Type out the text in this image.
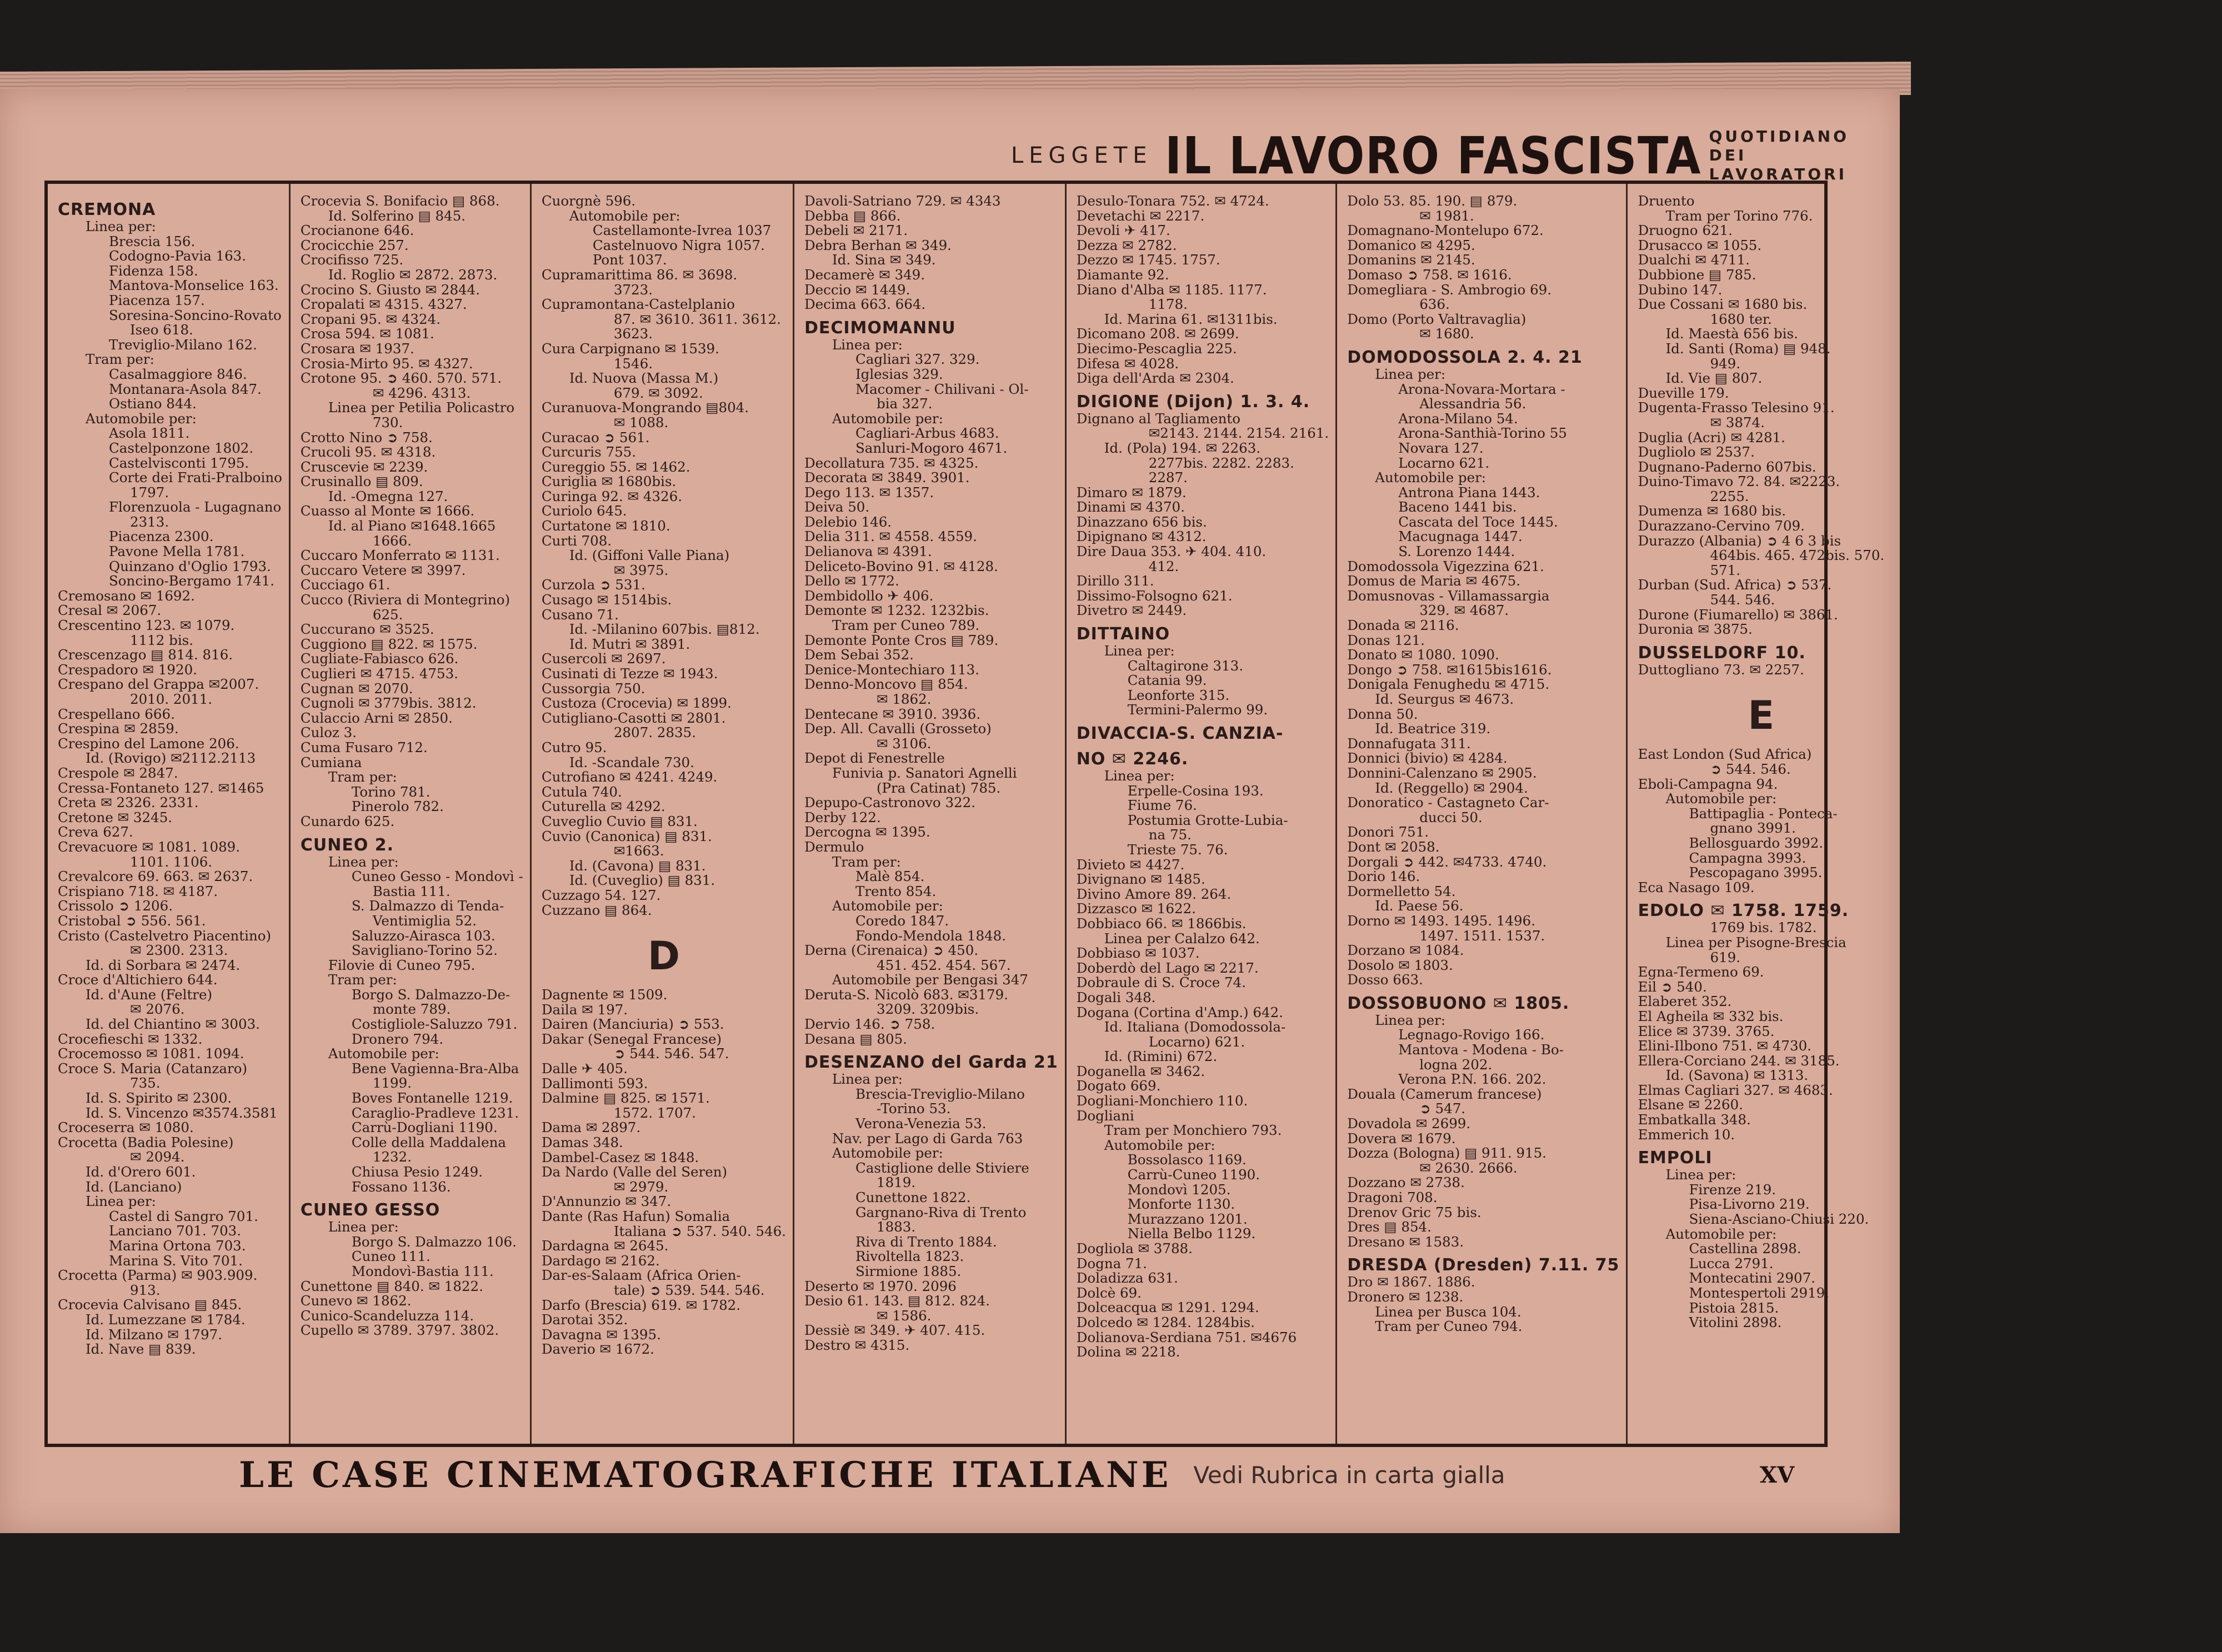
LEGGETE IL LAVORO FASCISTA QUOTIDIANO DEI
LAVORATORI
CREMONA
Linea per:
Brescia 156.
Codogno-Pavia 163.
Fidenza 158.
Mantova-Monselice 163.
Piacenza 157.
Soresina-Soncino-Rovato
Iseo 618.
Treviglio-Milano 162.
Tram per:
Casalmaggiore 846.
Montanara-Asola 847.
Ostiano 844.
Automobile per:
Asola 1811.
Castelponzone 1802.
Castelvisconti 1795.
Corte dei Frati-Pralboino
1797.
Florenzuola - Lugagnano
2313.
Piacenza 2300.
Pavone Mella 1781.
Quinzano d'Oglio 1793.
Soncino-Bergamo 1741.
Cremosano ✉ 1692.
Cresal ✉ 2067.
Crescentino 123. ✉ 1079.
1112 bis.
Crescenzago ▤ 814. 816.
Crespadoro ✉ 1920.
Crespano del Grappa ✉2007.
2010. 2011.
Crespellano 666.
Crespina ✉ 2859.
Crespino del Lamone 206.
Id. (Rovigo) ✉2112.2113
Crespole ✉ 2847.
Cressa-Fontaneto 127. ✉1465
Creta ✉ 2326. 2331.
Cretone ✉ 3245.
Creva 627.
Crevacuore ✉ 1081. 1089.
1101. 1106.
Crevalcore 69. 663. ✉ 2637.
Crispiano 718. ✉ 4187.
Crissolo ➲ 1206.
Cristobal ➲ 556. 561.
Cristo (Castelvetro Piacentino)
✉ 2300. 2313.
Id. di Sorbara ✉ 2474.
Croce d'Altichiero 644.
Id. d'Aune (Feltre)
✉ 2076.
Id. del Chiantino ✉ 3003.
Crocefieschi ✉ 1332.
Crocemosso ✉ 1081. 1094.
Croce S. Maria (Catanzaro)
735.
Id. S. Spirito ✉ 2300.
Id. S. Vincenzo ✉3574.3581
Croceserra ✉ 1080.
Crocetta (Badia Polesine)
✉ 2094.
Id. d'Orero 601.
Id. (Lanciano)
Linea per:
Castel di Sangro 701.
Lanciano 701. 703.
Marina Ortona 703.
Marina S. Vito 701.
Crocetta (Parma) ✉ 903.909.
913.
Crocevia Calvisano ▤ 845.
Id. Lumezzane ✉ 1784.
Id. Milzano ✉ 1797.
Id. Nave ▤ 839.
Crocevia S. Bonifacio ▤ 868.
Id. Solferino ▤ 845.
Crocianone 646.
Crocicchie 257.
Crocifisso 725.
Id. Roglio ✉ 2872. 2873.
Crocino S. Giusto ✉ 2844.
Cropalati ✉ 4315. 4327.
Cropani 95. ✉ 4324.
Crosa 594. ✉ 1081.
Crosara ✉ 1937.
Crosia-Mirto 95. ✉ 4327.
Crotone 95. ➲ 460. 570. 571.
✉ 4296. 4313.
Linea per Petilia Policastro
730.
Crotto Nino ➲ 758.
Crucoli 95. ✉ 4318.
Cruscevie ✉ 2239.
Crusinallo ▤ 809.
Id. -Omegna 127.
Cuasso al Monte ✉ 1666.
Id. al Piano ✉1648.1665
1666.
Cuccaro Monferrato ✉ 1131.
Cuccaro Vetere ✉ 3997.
Cucciago 61.
Cucco (Riviera di Montegrino)
625.
Cuccurano ✉ 3525.
Cuggiono ▤ 822. ✉ 1575.
Cugliate-Fabiasco 626.
Cuglieri ✉ 4715. 4753.
Cugnan ✉ 2070.
Cugnoli ✉ 3779bis. 3812.
Culaccio Arni ✉ 2850.
Culoz 3.
Cuma Fusaro 712.
Cumiana
Tram per:
Torino 781.
Pinerolo 782.
Cunardo 625.
CUNEO 2.
Linea per:
Cuneo Gesso - Mondovì -
Bastia 111.
S. Dalmazzo di Tenda-
Ventimiglia 52.
Saluzzo-Airasca 103.
Savigliano-Torino 52.
Filovie di Cuneo 795.
Tram per:
Borgo S. Dalmazzo-De-
monte 789.
Costigliole-Saluzzo 791.
Dronero 794.
Automobile per:
Bene Vagienna-Bra-Alba
1199.
Boves Fontanelle 1219.
Caraglio-Pradleve 1231.
Carrù-Dogliani 1190.
Colle della Maddalena
1232.
Chiusa Pesio 1249.
Fossano 1136.
CUNEO GESSO
Linea per:
Borgo S. Dalmazzo 106.
Cuneo 111.
Mondovì-Bastia 111.
Cunettone ▤ 840. ✉ 1822.
Cunevo ✉ 1862.
Cunico-Scandeluzza 114.
Cupello ✉ 3789. 3797. 3802.
Cuorgnè 596.
Automobile per:
Castellamonte-Ivrea 1037
Castelnuovo Nigra 1057.
Pont 1037.
Cupramarittima 86. ✉ 3698.
3723.
Cupramontana-Castelplanio
87. ✉ 3610. 3611. 3612.
3623.
Cura Carpignano ✉ 1539.
1546.
Id. Nuova (Massa M.)
679. ✉ 3092.
Curanuova-Mongrando ▤804.
✉ 1088.
Curacao ➲ 561.
Curcuris 755.
Cureggio 55. ✉ 1462.
Curiglia ✉ 1680bis.
Curinga 92. ✉ 4326.
Curiolo 645.
Curtatone ✉ 1810.
Curti 708.
Id. (Giffoni Valle Piana)
✉ 3975.
Curzola ➲ 531.
Cusago ✉ 1514bis.
Cusano 71.
Id. -Milanino 607bis. ▤812.
Id. Mutri ✉ 3891.
Cusercoli ✉ 2697.
Cusinati di Tezze ✉ 1943.
Cussorgia 750.
Custoza (Crocevia) ✉ 1899.
Cutigliano-Casotti ✉ 2801.
2807. 2835.
Cutro 95.
Id. -Scandale 730.
Cutrofiano ✉ 4241. 4249.
Cutula 740.
Cuturella ✉ 4292.
Cuveglio Cuvio ▤ 831.
Cuvio (Canonica) ▤ 831.
✉1663.
Id. (Cavona) ▤ 831.
Id. (Cuveglio) ▤ 831.
Cuzzago 54. 127.
Cuzzano ▤ 864.
D
Dagnente ✉ 1509.
Daila ✉ 197.
Dairen (Manciuria) ➲ 553.
Dakar (Senegal Francese)
➲ 544. 546. 547.
Dalle ✈ 405.
Dallimonti 593.
Dalmine ▤ 825. ✉ 1571.
1572. 1707.
Dama ✉ 2897.
Damas 348.
Dambel-Casez ✉ 1848.
Da Nardo (Valle del Seren)
✉ 2979.
D'Annunzio ✉ 347.
Dante (Ras Hafun) Somalia
Italiana ➲ 537. 540. 546.
Dardagna ✉ 2645.
Dardago ✉ 2162.
Dar-es-Salaam (Africa Orien-
tale) ➲ 539. 544. 546.
Darfo (Brescia) 619. ✉ 1782.
Darotai 352.
Davagna ✉ 1395.
Daverio ✉ 1672.
Davoli-Satriano 729. ✉ 4343
Debba ▤ 866.
Debeli ✉ 2171.
Debra Berhan ✉ 349.
Id. Sina ✉ 349.
Decamerè ✉ 349.
Deccio ✉ 1449.
Decima 663. 664.
DECIMOMANNU
Linea per:
Cagliari 327. 329.
Iglesias 329.
Macomer - Chilivani - Ol-
bia 327.
Automobile per:
Cagliari-Arbus 4683.
Sanluri-Mogoro 4671.
Decollatura 735. ✉ 4325.
Decorata ✉ 3849. 3901.
Dego 113. ✉ 1357.
Deiva 50.
Delebio 146.
Delia 311. ✉ 4558. 4559.
Delianova ✉ 4391.
Deliceto-Bovino 91. ✉ 4128.
Dello ✉ 1772.
Dembidollo ✈ 406.
Demonte ✉ 1232. 1232bis.
Tram per Cuneo 789.
Demonte Ponte Cros ▤ 789.
Dem Sebai 352.
Denice-Montechiaro 113.
Denno-Moncovo ▤ 854.
✉ 1862.
Dentecane ✉ 3910. 3936.
Dep. All. Cavalli (Grosseto)
✉ 3106.
Depot di Fenestrelle
Funivia p. Sanatori Agnelli
(Pra Catinat) 785.
Depupo-Castronovo 322.
Derby 122.
Dercogna ✉ 1395.
Dermulo
Tram per:
Malè 854.
Trento 854.
Automobile per:
Coredo 1847.
Fondo-Mendola 1848.
Derna (Cirenaica) ➲ 450.
451. 452. 454. 567.
Automobile per Bengasi 347
Deruta-S. Nicolò 683. ✉3179.
3209. 3209bis.
Dervio 146. ➲ 758.
Desana ▤ 805.
DESENZANO del Garda 21
Linea per:
Brescia-Treviglio-Milano
-Torino 53.
Verona-Venezia 53.
Nav. per Lago di Garda 763
Automobile per:
Castiglione delle Stiviere
1819.
Cunettone 1822.
Gargnano-Riva di Trento
1883.
Riva di Trento 1884.
Rivoltella 1823.
Sirmione 1885.
Deserto ✉ 1970. 2096
Desio 61. 143. ▤ 812. 824.
✉ 1586.
Dessiè ✉ 349. ✈ 407. 415.
Destro ✉ 4315.
Desulo-Tonara 752. ✉ 4724.
Devetachi ✉ 2217.
Devoli ✈ 417.
Dezza ✉ 2782.
Dezzo ✉ 1745. 1757.
Diamante 92.
Diano d'Alba ✉ 1185. 1177.
1178.
Id. Marina 61. ✉1311bis.
Dicomano 208. ✉ 2699.
Diecimo-Pescaglia 225.
Difesa ✉ 4028.
Diga dell'Arda ✉ 2304.
DIGIONE (Dijon) 1. 3. 4.
Dignano al Tagliamento
✉2143. 2144. 2154. 2161.
Id. (Pola) 194. ✉ 2263.
2277bis. 2282. 2283.
2287.
Dimaro ✉ 1879.
Dinami ✉ 4370.
Dinazzano 656 bis.
Dipignano ✉ 4312.
Dire Daua 353. ✈ 404. 410.
412.
Dirillo 311.
Dissimo-Folsogno 621.
Divetro ✉ 2449.
DITTAINO
Linea per:
Caltagirone 313.
Catania 99.
Leonforte 315.
Termini-Palermo 99.
DIVACCIA-S. CANZIA-
NO ✉ 2246.
Linea per:
Erpelle-Cosina 193.
Fiume 76.
Postumia Grotte-Lubia-
na 75.
Trieste 75. 76.
Divieto ✉ 4427.
Divignano ✉ 1485.
Divino Amore 89. 264.
Dizzasco ✉ 1622.
Dobbiaco 66. ✉ 1866bis.
Linea per Calalzo 642.
Dobbiaso ✉ 1037.
Doberdò del Lago ✉ 2217.
Dobraule di S. Croce 74.
Dogali 348.
Dogana (Cortina d'Amp.) 642.
Id. Italiana (Domodossola-
Locarno) 621.
Id. (Rimini) 672.
Doganella ✉ 3462.
Dogato 669.
Dogliani-Monchiero 110.
Dogliani
Tram per Monchiero 793.
Automobile per:
Bossolasco 1169.
Carrù-Cuneo 1190.
Mondovì 1205.
Monforte 1130.
Murazzano 1201.
Niella Belbo 1129.
Dogliola ✉ 3788.
Dogna 71.
Doladizza 631.
Dolcè 69.
Dolceacqua ✉ 1291. 1294.
Dolcedo ✉ 1284. 1284bis.
Dolianova-Serdiana 751. ✉4676
Dolina ✉ 2218.
Dolo 53. 85. 190. ▤ 879.
✉ 1981.
Domagnano-Montelupo 672.
Domanico ✉ 4295.
Domanins ✉ 2145.
Domaso ➲ 758. ✉ 1616.
Domegliara - S. Ambrogio 69.
636.
Domo (Porto Valtravaglia)
✉ 1680.
DOMODOSSOLA 2. 4. 21
Linea per:
Arona-Novara-Mortara -
Alessandria 56.
Arona-Milano 54.
Arona-Santhià-Torino 55
Novara 127.
Locarno 621.
Automobile per:
Antrona Piana 1443.
Baceno 1441 bis.
Cascata del Toce 1445.
Macugnaga 1447.
S. Lorenzo 1444.
Domodossola Vigezzina 621.
Domus de Maria ✉ 4675.
Domusnovas - Villamassargia
329. ✉ 4687.
Donada ✉ 2116.
Donas 121.
Donato ✉ 1080. 1090.
Dongo ➲ 758. ✉1615bis1616.
Donigala Fenughedu ✉ 4715.
Id. Seurgus ✉ 4673.
Donna 50.
Id. Beatrice 319.
Donnafugata 311.
Donnici (bivio) ✉ 4284.
Donnini-Calenzano ✉ 2905.
Id. (Reggello) ✉ 2904.
Donoratico - Castagneto Car-
ducci 50.
Donori 751.
Dont ✉ 2058.
Dorgali ➲ 442. ✉4733. 4740.
Dorio 146.
Dormelletto 54.
Id. Paese 56.
Dorno ✉ 1493. 1495. 1496.
1497. 1511. 1537.
Dorzano ✉ 1084.
Dosolo ✉ 1803.
Dosso 663.
DOSSOBUONO ✉ 1805.
Linea per:
Legnago-Rovigo 166.
Mantova - Modena - Bo-
logna 202.
Verona P.N. 166. 202.
Douala (Camerum francese)
➲ 547.
Dovadola ✉ 2699.
Dovera ✉ 1679.
Dozza (Bologna) ▤ 911. 915.
✉ 2630. 2666.
Dozzano ✉ 2738.
Dragoni 708.
Drenov Gric 75 bis.
Dres ▤ 854.
Dresano ✉ 1583.
DRESDA (Dresden) 7.11. 75
Dro ✉ 1867. 1886.
Dronero ✉ 1238.
Linea per Busca 104.
Tram per Cuneo 794.
Druento
Tram per Torino 776.
Druogno 621.
Drusacco ✉ 1055.
Dualchi ✉ 4711.
Dubbione ▤ 785.
Dubino 147.
Due Cossani ✉ 1680 bis.
1680 ter.
Id. Maestà 656 bis.
Id. Santi (Roma) ▤ 948.
949.
Id. Vie ▤ 807.
Dueville 179.
Dugenta-Frasso Telesino 91.
✉ 3874.
Duglia (Acri) ✉ 4281.
Dugliolo ✉ 2537.
Dugnano-Paderno 607bis.
Duino-Timavo 72. 84. ✉2223.
2255.
Dumenza ✉ 1680 bis.
Durazzano-Cervino 709.
Durazzo (Albania) ➲ 4 6 3 bis
464bis. 465. 472bis. 570.
571.
Durban (Sud. Africa) ➲ 537.
544. 546.
Durone (Fiumarello) ✉ 3861.
Duronia ✉ 3875.
DUSSELDORF 10.
Duttogliano 73. ✉ 2257.
E
East London (Sud Africa)
➲ 544. 546.
Eboli-Campagna 94.
Automobile per:
Battipaglia - Ponteca-
gnano 3991.
Bellosguardo 3992.
Campagna 3993.
Pescopagano 3995.
Eca Nasago 109.
EDOLO ✉ 1758. 1759.
1769 bis. 1782.
Linea per Pisogne-Brescia
619.
Egna-Termeno 69.
Eil ➲ 540.
Elaberet 352.
El Agheila ✉ 332 bis.
Elice ✉ 3739. 3765.
Elini-Ilbono 751. ✉ 4730.
Ellera-Corciano 244. ✉ 3185.
Id. (Savona) ✉ 1313.
Elmas Cagliari 327. ✉ 4683.
Elsane ✉ 2260.
Embatkalla 348.
Emmerich 10.
EMPOLI
Linea per:
Firenze 219.
Pisa-Livorno 219.
Siena-Asciano-Chiusi 220.
Automobile per:
Castellina 2898.
Lucca 2791.
Montecatini 2907.
Montespertoli 2919.
Pistoia 2815.
Vitolini 2898.
LE CASE CINEMATOGRAFICHE ITALIANE Vedi Rubrica in carta gialla	XV
